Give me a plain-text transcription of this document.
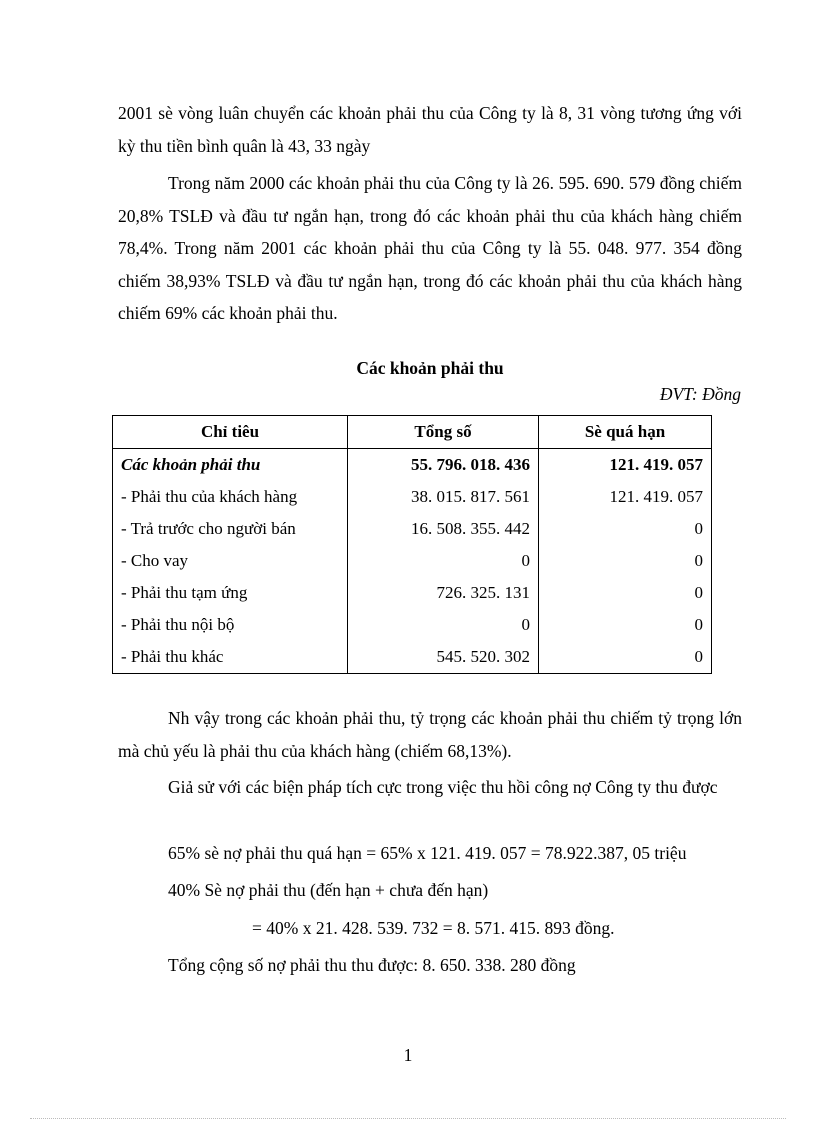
2001 sè vòng luân chuyển các khoản phải thu của Công ty là 8, 31 vòng tương ứng với kỳ thu tiền bình quân là 43, 33 ngày

Trong năm 2000 các khoản phải thu của Công ty là 26. 595. 690. 579 đồng chiếm 20,8% TSLĐ và đầu tư ngắn hạn, trong đó các khoản phải thu của khách hàng chiếm 78,4%. Trong năm 2001 các khoản phải thu của Công ty là 55. 048. 977. 354 đồng chiếm 38,93% TSLĐ và đầu tư ngắn hạn, trong đó các khoản phải thu của khách hàng chiếm 69% các khoản phải thu.

Các khoản phải thu

ĐVT: Đồng
Chỉ tiêu	Tổng số	Sè quá hạn
Các khoản phải thu	55. 796. 018. 436	121. 419. 057
- Phải thu của khách hàng	38. 015. 817. 561	121. 419. 057
- Trả trước cho người bán	16. 508. 355. 442	0
- Cho vay	0	0
- Phải thu tạm ứng	726. 325. 131	0
- Phải thu nội bộ	0	0
- Phải thu khác	545. 520. 302	0

Nh vậy trong các khoản phải thu, tỷ trọng các khoản phải thu chiếm tỷ trọng lớn mà chủ yếu là phải thu của khách hàng (chiếm 68,13%).

Giả sử với các biện pháp tích cực trong việc thu hồi công nợ Công ty thu được

65% sè nợ phải thu quá hạn = 65% x 121. 419. 057 = 78.922.387, 05 triệu

40% Sè nợ phải thu (đến hạn + chưa đến hạn)

= 40% x 21. 428. 539. 732 = 8. 571. 415. 893 đồng.

Tổng cộng số nợ phải thu thu được: 8. 650. 338. 280 đồng

1
